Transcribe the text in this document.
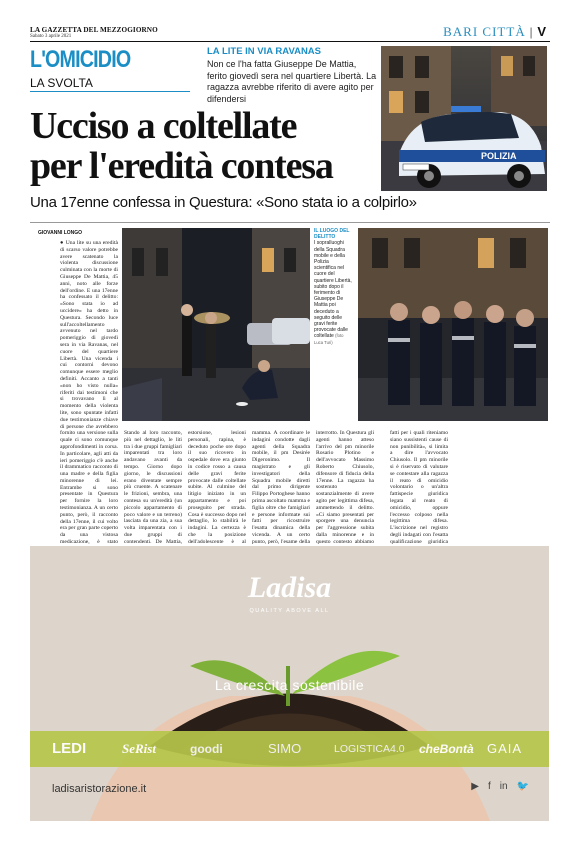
LA GAZZETTA DEL MEZZOGIORNO
Sabato 3 aprile 2021	BARI CITTÀ | V
L'OMICIDIO
LA SVOLTA
LA LITE IN VIA RAVANAS
Non ce l'ha fatta Giuseppe De Mattia, ferito giovedì sera nel quartiere Libertà. La ragazza avrebbe riferito di avere agito per difendersi
POLIZIA
Ucciso a coltellate
per l'eredità contesa
Una 17enne confessa in Questura: «Sono stata io a colpirlo»
GIOVANNI LONGO
● Una lite su una eredità di scarso valore potrebbe avere scatenato la violenta discussione culminata con la morte di Giuseppe De Mattia, 45 anni, noto alle forze dell'ordine. E una 17enne ha confessato il delitto: «Sono stata io ad uccidere» ha detto in Questura. Secondo luce sull'accoltellamento avvenuto nel tardo pomeriggio di giovedì sera in via Ravanas, nel cuore del quartiere Libertà. Una vicenda i cui contorni devono comunque essere meglio definiti. Accanto a tanti «non ho visto nulla» riferiti dai testimoni che si trovavano lì al momento della violenta lite, sono spuntate infatti due testimonianze chiave di persone che avrebbero fornito una versione sulla quale ci sono comunque approfondimenti in corsa. In particolare, agli atti da ieri pomeriggio c'è anche il drammatico racconto di una madre e della figlia minorenne di lei. Entrambe si sono presentate in Questura per fornire la loro testimonianza. A un certo punto, però, il racconto della 17enne, il cui volto era per gran parte coperto da una vistosa medicazione, è stato
IL LUOGO DEL DELITTO
I sopralluoghi della Squadra mobile e della Polizia scientifica nel cuore del quartiere Libertà, subito dopo il ferimento di Giuseppe De Mattia poi deceduto a seguito delle gravi ferite provocate dalle coltellate (foto Luca Turi)
Stando al loro racconto, più nel dettaglio, le liti tra i due gruppi famigliari imparentati tra loro andavano avanti da tempo. Giorno dopo giorno, le discussioni erano diventate sempre più cruente. A scatenare le frizioni, sembra, una contesa su un'eredità (un piccolo appartamento di poco valore e un terreno) lasciata da una zia, a sua volta imparentata con i due gruppi di contendenti. De Mattia,
estorsione, lesioni personali, rapina, è deceduto poche ore dopo il suo ricovero in ospedale dove era giunto in codice rosso a causa delle gravi ferite provocate dalle coltellate subite. Al culmine del litigio iniziato in un appartamento e poi proseguito per strada. Cosa è successo dopo nel dettaglio, lo stabilirà le indagini. La certezza è che la posizione dell'adolescente è al
mamma. A coordinare le indagini condotte dagli agenti della Squadra mobile, il pm Desirée Digeronimo. Il magistrato e gli investigatori della Squadra mobile diretti dal primo dirigente Filippo Portoghese hanno prima ascoltato mamma e figlia oltre che famigliari e persone informate sui fatti per ricostruire l'esatta dinamica della vicenda. A un certo punto, però, l'esame della
interrotto. In Questura gli agenti hanno atteso l'arrivo del pm minorile Rosario Plotino e dell'avvocato Massimo Roberto Chiusolo, difensore di fiducia della 17enne. La ragazza ha sostenuto sostanzialmente di avere agito per legittima difesa, ammettendo il delitto. «Ci siamo presentati per sporgere una denuncia per l'aggressione subita dalla minorenne e in questo contesto abbiamo
fatti per i quali riteniamo siano sussistenti cause di non punibilità», si limita a dire l'avvocato Chiusolo. Il pm minorile si è riservato di valutare se contestare alla ragazza il reato di omicidio volontario o un'altra fattispecie giuridica legata al reato di omicidio, oppure l'eccesso colposo nella legittima difesa. L'iscrizione nel registro degli indagati con l'esatta qualificazione giuridica
Ladisa
QUALITY ABOVE ALL
La crescita sostenibile
LEDI	SeRist	goodi	SIMO	LOGISTICA4.0 cheBontà GAIA
ladisaristorazione.it	▶ f in 🐦
